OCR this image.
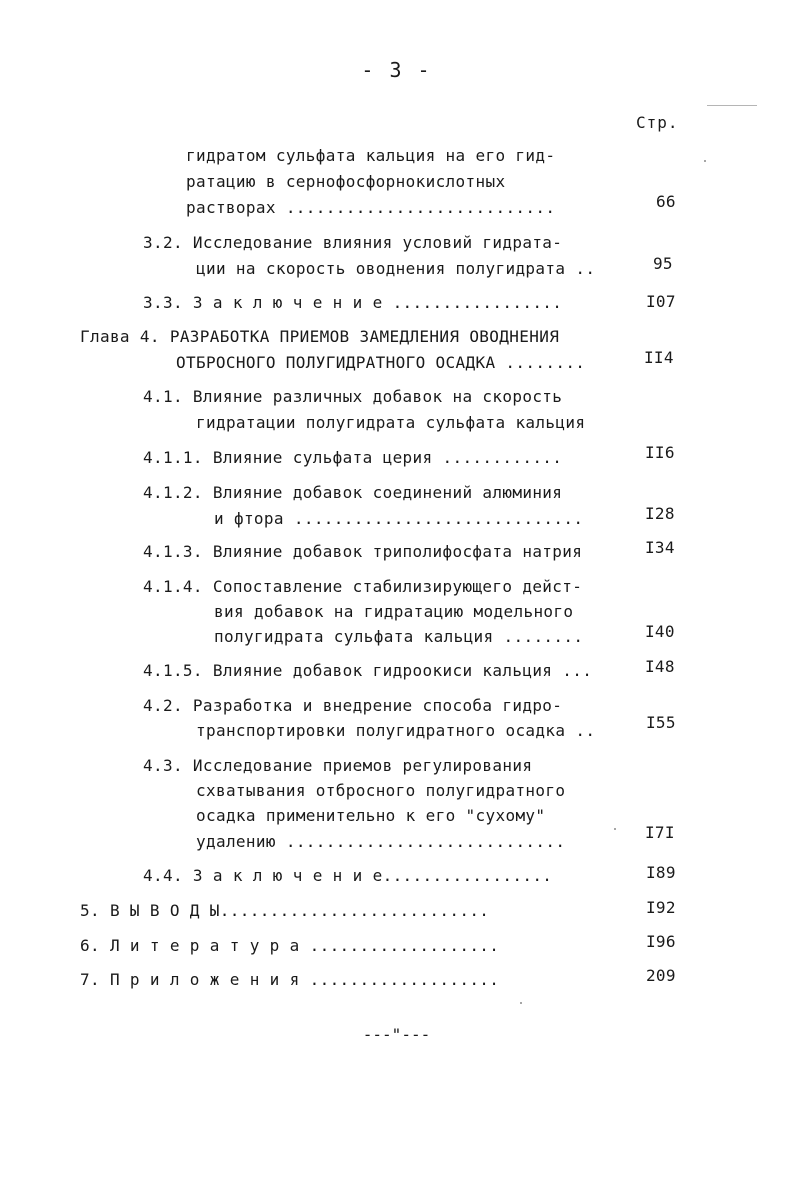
- 3 -
Стр.
гидратом сульфата кальция на его гид-
ратацию в сернофосфорнокислотных
растворах ...........................	66
3.2. Исследование влияния условий гидрата-
ции на скорость оводнения полугидрата ..	95
3.3. З а к л ю ч е н и е .................	I07
Глава 4. РАЗРАБОТКА ПРИЕМОВ ЗАМЕДЛЕНИЯ ОВОДНЕНИЯ
ОТБРОСНОГО ПОЛУГИДРАТНОГО ОСАДКА ........	II4
4.1. Влияние различных добавок на скорость
гидратации полугидрата сульфата кальция
4.1.1. Влияние сульфата церия ............	II6
4.1.2. Влияние добавок соединений алюминия
и фтора .............................	I28
4.1.3. Влияние добавок триполифосфата натрия	I34
4.1.4. Сопоставление стабилизирующего дейст-
вия добавок на гидратацию модельного
полугидрата сульфата кальция ........	I40
4.1.5. Влияние добавок гидроокиси кальция ...	I48
4.2. Разработка и внедрение способа гидро-
транспортировки полугидратного осадка ..	I55
4.3. Исследование приемов регулирования
схватывания отбросного полугидратного
осадка применительно к его "сухому"
удалению ............................	I7I
4.4. З а к л ю ч е н и е.................	I89
5. В Ы В О Д Ы...........................	I92
6. Л и т е р а т у р а ...................	I96
7. П р и л о ж е н и я ...................	209
---"---
